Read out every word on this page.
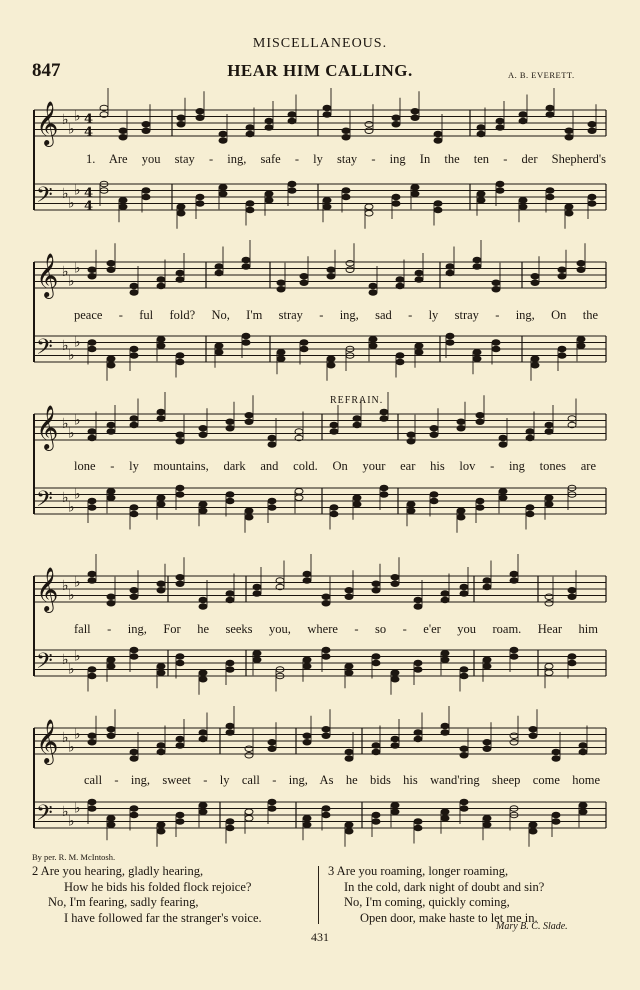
𝄞 ♭
♭
♭ 4
4
𝄢 ♭
♭
♭ 4
4
𝄞 ♭
♭
♭
𝄢 ♭
♭
♭
𝄞 ♭
♭
♭
𝄢 ♭
♭
♭
𝄞 ♭
♭
♭
𝄢 ♭
♭
♭
𝄞 ♭
♭
♭
𝄢 ♭
♭
♭
MISCELLANEOUS.
847	HEAR HIM CALLING.	A. B. EVERETT.
1. Are you stay - ing, safe - ly stay - ing In the ten - der Shepherd's
peace - ful fold? No, I'm stray - ing, sad - ly stray - ing, On the
REFRAIN.
lone - ly mountains, dark and cold. On your ear his lov - ing tones are
fall - ing, For he seeks you, where - so - e'er you roam. Hear him
call - ing, sweet - ly call - ing, As he bids his wand'ring sheep come home
By per. R. M. McIntosh.
2 Are you hearing, gladly hearing,
How he bids his folded flock rejoice?
No, I'm fearing, sadly fearing,
I have followed far the stranger's voice.
3 Are you roaming, longer roaming,
In the cold, dark night of doubt and sin?
No, I'm coming, quickly coming,
Open door, make haste to let me in.
Mary B. C. Slade.
431
